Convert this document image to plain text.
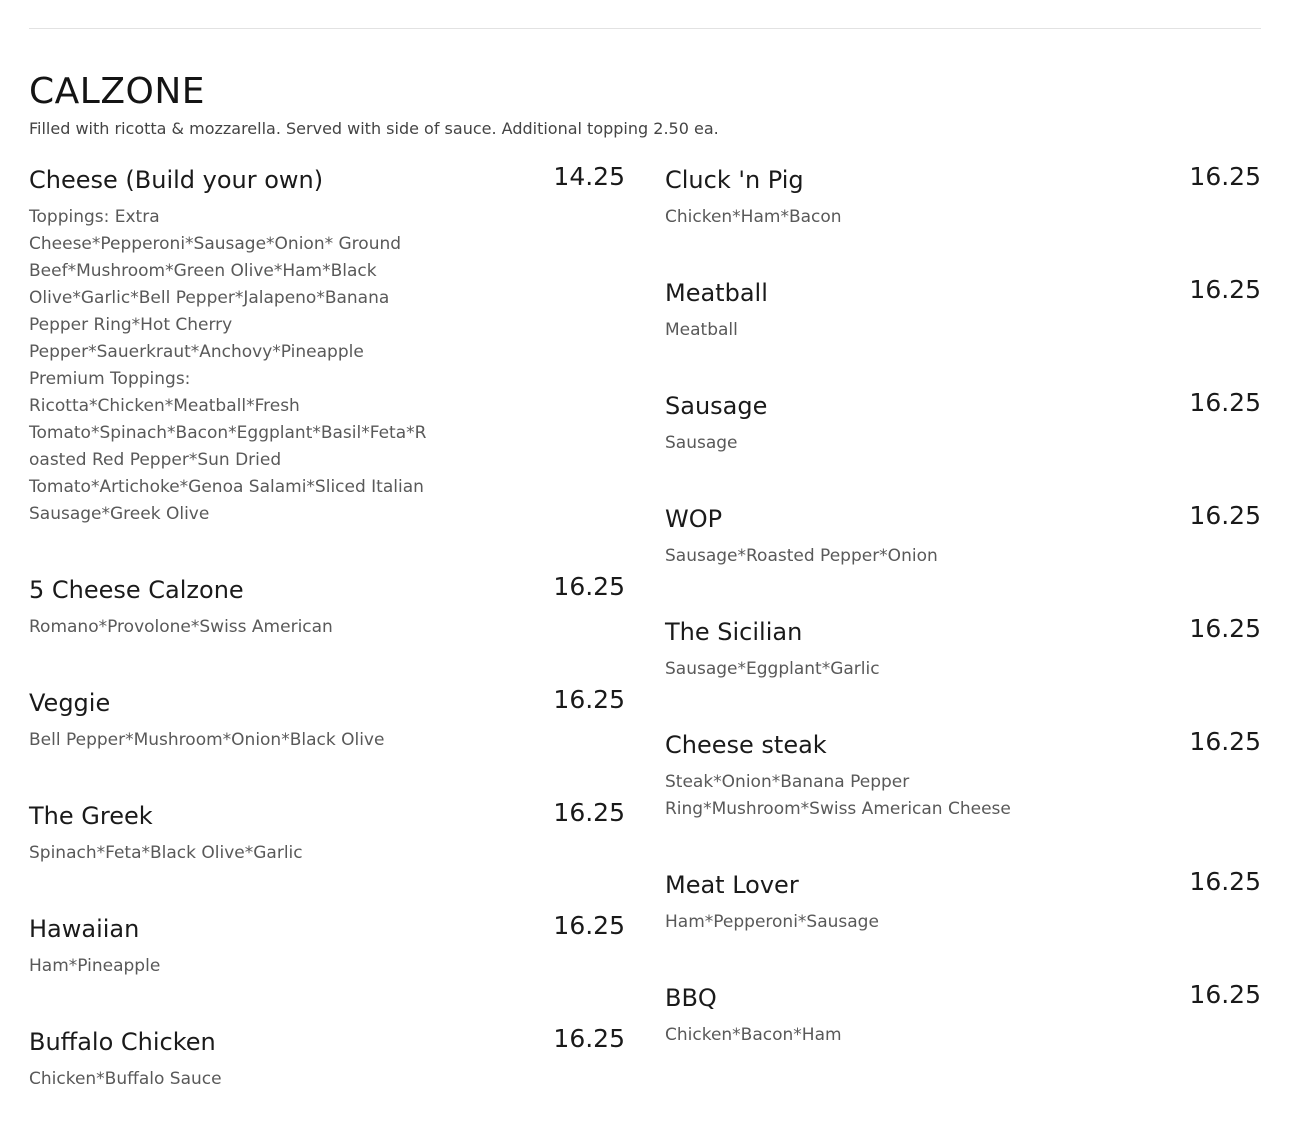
CALZONE

Filled with ricotta & mozzarella. Served with side of sauce. Additional topping 2.50 ea.

Cheese (Build your own)	14.25
Toppings: Extra
Cheese*Pepperoni*Sausage*Onion* Ground
Beef*Mushroom*Green Olive*Ham*Black
Olive*Garlic*Bell Pepper*Jalapeno*Banana
Pepper Ring*Hot Cherry
Pepper*Sauerkraut*Anchovy*Pineapple
Premium Toppings:
Ricotta*Chicken*Meatball*Fresh
Tomato*Spinach*Bacon*Eggplant*Basil*Feta*R
oasted Red Pepper*Sun Dried
Tomato*Artichoke*Genoa Salami*Sliced Italian
Sausage*Greek Olive
5 Cheese Calzone	16.25
Romano*Provolone*Swiss American
Veggie	16.25
Bell Pepper*Mushroom*Onion*Black Olive
The Greek	16.25
Spinach*Feta*Black Olive*Garlic
Hawaiian	16.25
Ham*Pineapple
Buffalo Chicken	16.25
Chicken*Buffalo Sauce
Cluck 'n Pig	16.25
Chicken*Ham*Bacon
Meatball	16.25
Meatball
Sausage	16.25
Sausage
WOP	16.25
Sausage*Roasted Pepper*Onion
The Sicilian	16.25
Sausage*Eggplant*Garlic
Cheese steak	16.25
Steak*Onion*Banana Pepper
Ring*Mushroom*Swiss American Cheese
Meat Lover	16.25
Ham*Pepperoni*Sausage
BBQ	16.25
Chicken*Bacon*Ham
